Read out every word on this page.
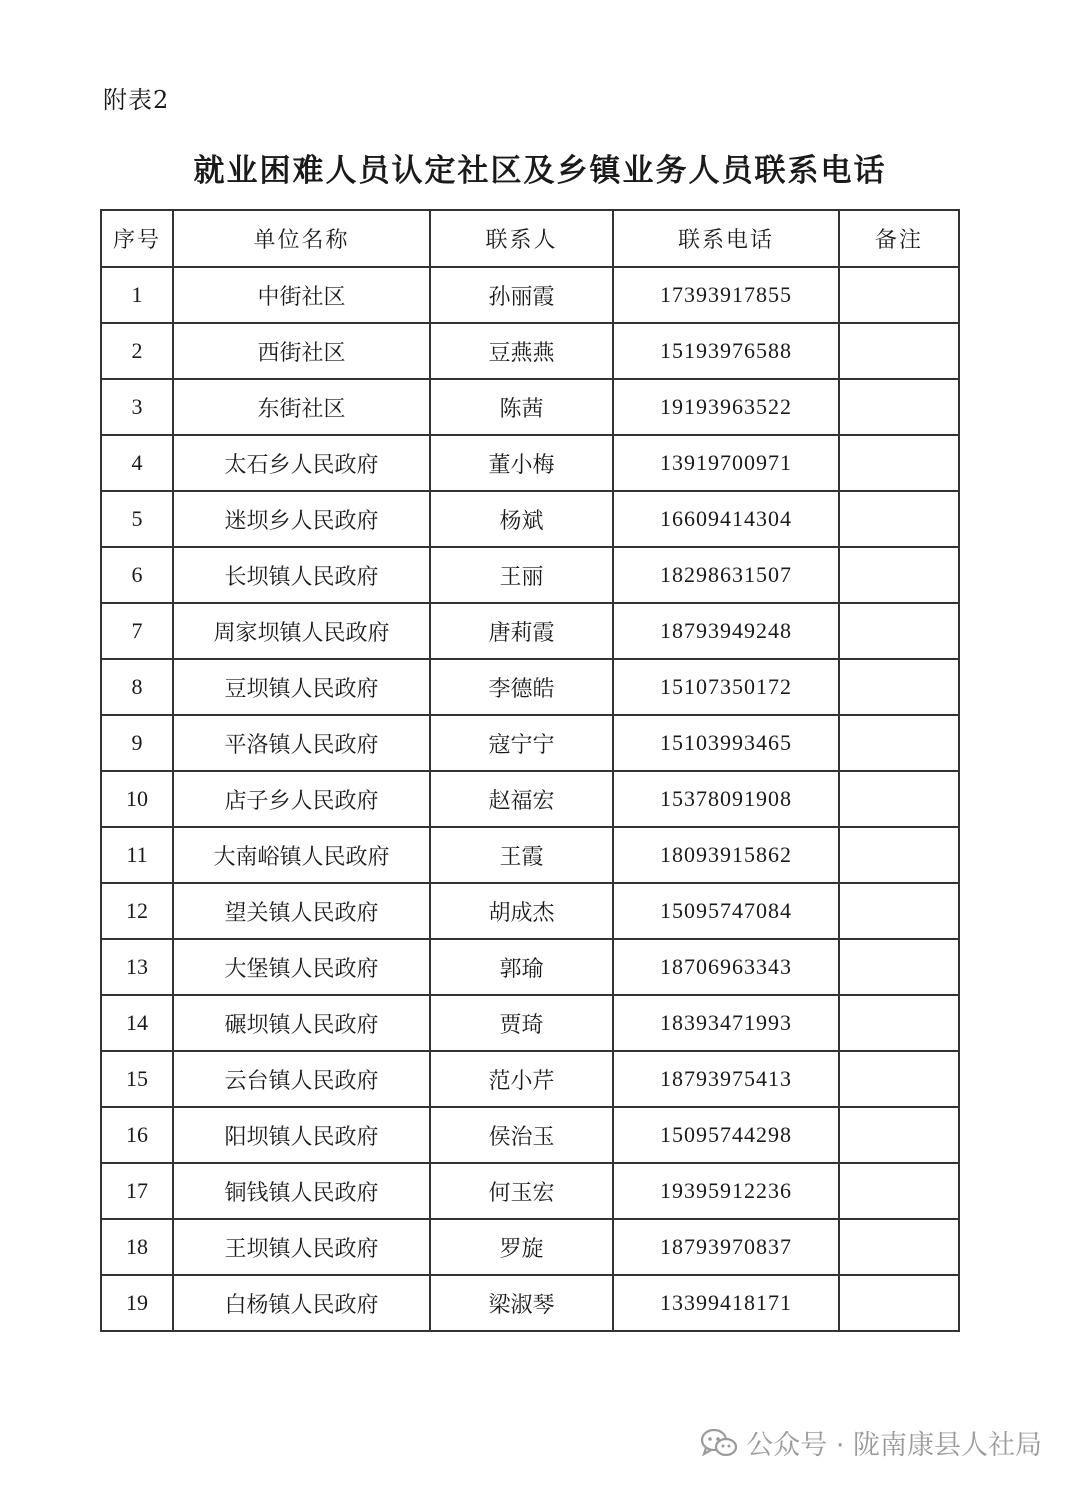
附表2
就业困难人员认定社区及乡镇业务人员联系电话
序号	单位名称	联系人	联系电话	备注
1	中街社区	孙丽霞	17393917855	
2	西街社区	豆燕燕	15193976588	
3	东街社区	陈茜	19193963522	
4	太石乡人民政府	董小梅	13919700971	
5	迷坝乡人民政府	杨斌	16609414304	
6	长坝镇人民政府	王丽	18298631507	
7	周家坝镇人民政府	唐莉霞	18793949248	
8	豆坝镇人民政府	李德皓	15107350172	
9	平洛镇人民政府	寇宁宁	15103993465	
10	店子乡人民政府	赵福宏	15378091908	
11	大南峪镇人民政府	王霞	18093915862	
12	望关镇人民政府	胡成杰	15095747084	
13	大堡镇人民政府	郭瑜	18706963343	
14	碾坝镇人民政府	贾琦	18393471993	
15	云台镇人民政府	范小芹	18793975413	
16	阳坝镇人民政府	侯治玉	15095744298	
17	铜钱镇人民政府	何玉宏	19395912236	
18	王坝镇人民政府	罗旋	18793970837	
19	白杨镇人民政府	梁淑琴	13399418171	
公众号 · 陇南康县人社局
